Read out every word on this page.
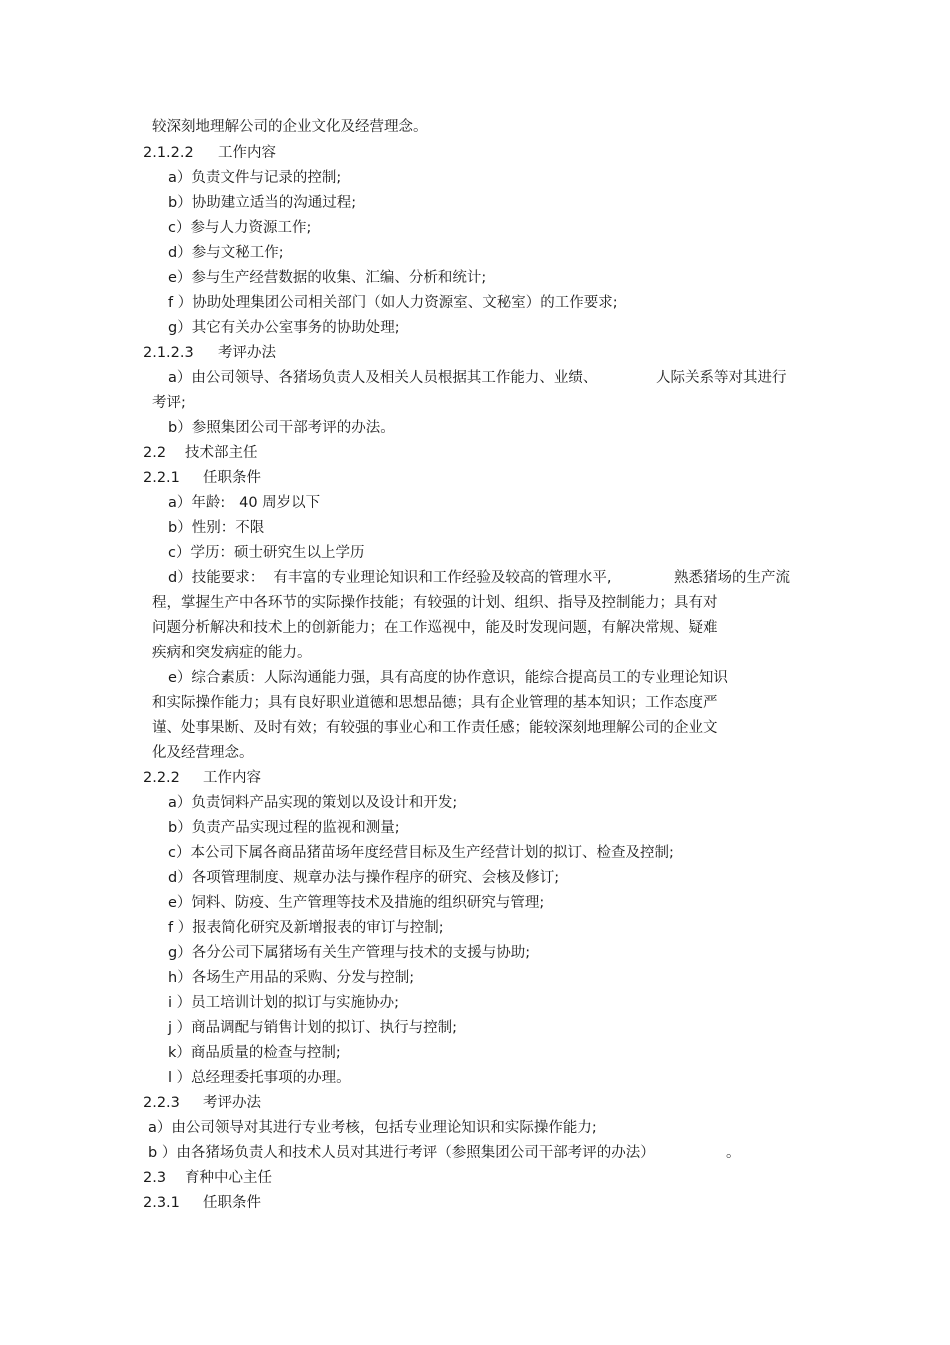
较深刻地理解公司的企业文化及经营理念。
2.1.2.2 工作内容
a）负责文件与记录的控制;
b）协助建立适当的沟通过程;
c）参与人力资源工作;
d）参与文秘工作;
e）参与生产经营数据的收集、汇编、分析和统计;
f ）协助处理集团公司相关部门（如人力资源室、文秘室）的工作要求;
g）其它有关办公室事务的协助处理;
2.1.2.3 考评办法
a）由公司领导、各猪场负责人及相关人员根据其工作能力、业绩、	人际关系等对其进行
考评;
b）参照集团公司干部考评的办法。
2.2 技术部主任
2.2.1 任职条件
a）年龄:   40 周岁以下
b）性别：不限
c）学历：硕士研究生以上学历
d）技能要求：  有丰富的专业理论知识和工作经验及较高的管理水平,	熟悉猪场的生产流
程，掌握生产中各环节的实际操作技能；有较强的计划、组织、指导及控制能力；具有对
问题分析解决和技术上的创新能力；在工作巡视中，能及时发现问题，有解决常规、疑难
疾病和突发病症的能力。
e）综合素质：人际沟通能力强，具有高度的协作意识，能综合提高员工的专业理论知识
和实际操作能力；具有良好职业道德和思想品德；具有企业管理的基本知识；工作态度严
谨、处事果断、及时有效；有较强的事业心和工作责任感；能较深刻地理解公司的企业文
化及经营理念。
2.2.2 工作内容
a）负责饲料产品实现的策划以及设计和开发;
b）负责产品实现过程的监视和测量;
c）本公司下属各商品猪苗场年度经营目标及生产经营计划的拟订、检查及控制;
d）各项管理制度、规章办法与操作程序的研究、会核及修订;
e）饲料、防疫、生产管理等技术及措施的组织研究与管理;
f ）报表简化研究及新增报表的审订与控制;
g）各分公司下属猪场有关生产管理与技术的支援与协助;
h）各场生产用品的采购、分发与控制;
i ）员工培训计划的拟订与实施协办;
j ）商品调配与销售计划的拟订、执行与控制;
k）商品质量的检查与控制;
l ）总经理委托事项的办理。
2.2.3 考评办法
a）由公司领导对其进行专业考核，包括专业理论知识和实际操作能力;
b ）由各猪场负责人和技术人员对其进行考评（参照集团公司干部考评的办法）	。
2.3 育种中心主任
2.3.1 任职条件
